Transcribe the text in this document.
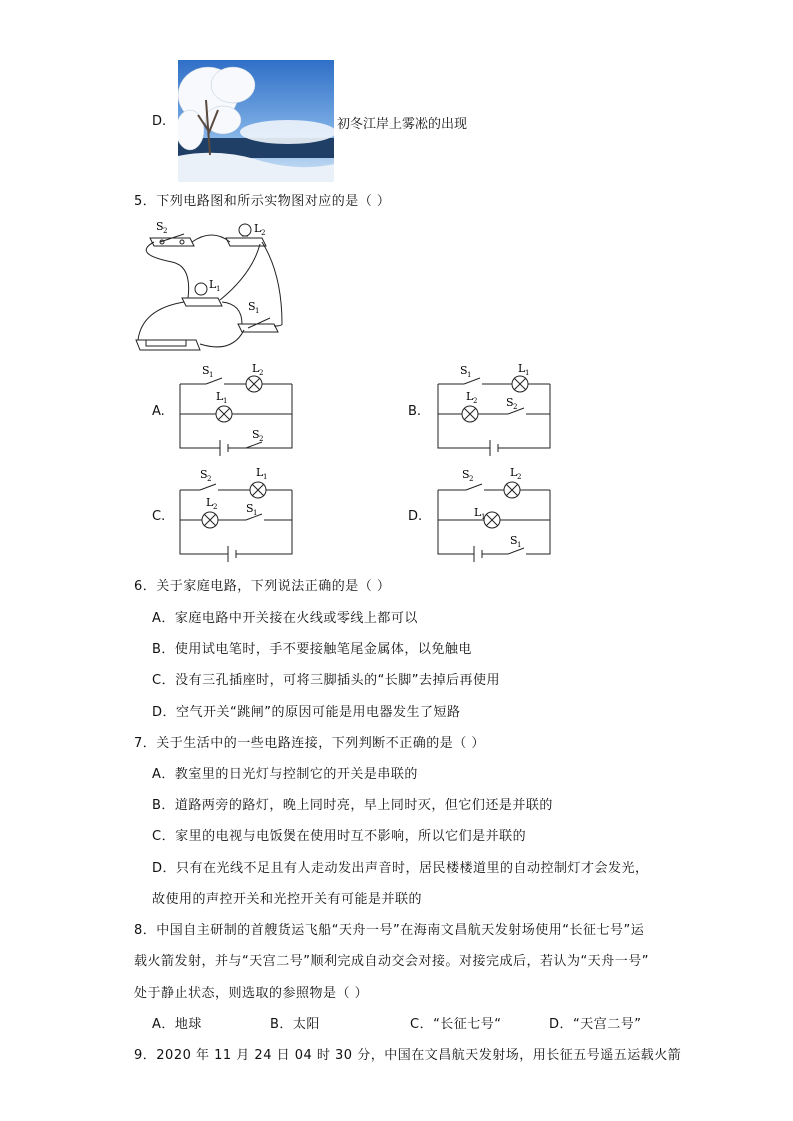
D.	初冬江岸上雾凇的出现
5．下列电路图和所示实物图对应的是（ ）
S 2	L 2
L 1
S 1
A.
S 1	L 2
L 1
S 2
B.
S 1	L 1
L 2	S 2
C.
S 2	L 1
L 2	S 1	D.
S 2	L 2
L 1
S 1
6．关于家庭电路，下列说法正确的是（ ）
A．家庭电路中开关接在火线或零线上都可以
B．使用试电笔时，手不要接触笔尾金属体，以免触电
C．没有三孔插座时，可将三脚插头的“长脚”去掉后再使用
D．空气开关“跳闸”的原因可能是用电器发生了短路
7．关于生活中的一些电路连接，下列判断不正确的是（ ）
A．教室里的日光灯与控制它的开关是串联的
B．道路两旁的路灯，晚上同时亮，早上同时灭，但它们还是并联的
C．家里的电视与电饭煲在使用时互不影响，所以它们是并联的
D．只有在光线不足且有人走动发出声音时，居民楼楼道里的自动控制灯才会发光，
故使用的声控开关和光控开关有可能是并联的
8．中国自主研制的首艘货运飞船“天舟一号”在海南文昌航天发射场使用“长征七号”运
载火箭发射，并与“天宫二号”顺利完成自动交会对接。对接完成后，若认为“天舟一号”
处于静止状态，则选取的参照物是（ ）
A．地球	B．太阳	C．“长征七号“	D．“天宫二号”
9．2020 年 11 月 24 日 04 时 30 分，中国在文昌航天发射场，用长征五号遥五运载火箭
